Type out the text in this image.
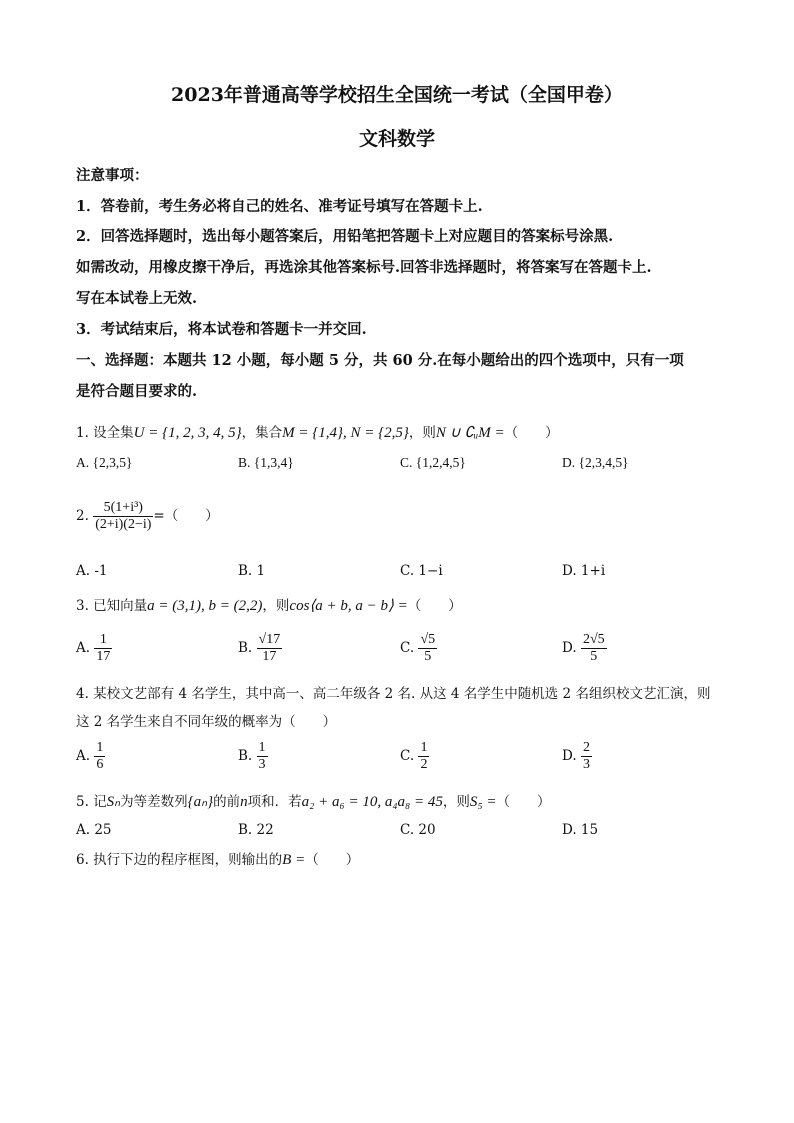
2023年普通高等学校招生全国统一考试（全国甲卷）
文科数学
注意事项：
1．答卷前，考生务必将自己的姓名、准考证号填写在答题卡上.
2．回答选择题时，选出每小题答案后，用铅笔把答题卡上对应题目的答案标号涂黑.
如需改动，用橡皮擦干净后，再选涂其他答案标号.回答非选择题时，将答案写在答题卡上.
写在本试卷上无效.
3．考试结束后，将本试卷和答题卡一并交回.
一、选择题：本题共 12 小题，每小题 5 分，共 60 分.在每小题给出的四个选项中，只有一项
是符合题目要求的.
1. 设全集U = {1, 2, 3, 4, 5}，集合M = {1,4}, N = {2,5}，则N ∪ ∁ᵤM =（　　）
A. {2,3,5}	B. {1,3,4}	C. {1,2,4,5}	D. {2,3,4,5}
2. $\frac{\text{5(1+i³)}}{(2+i)(2-i)}$ =（　　）
A. -1	B. 1	C. 1−i	D. 1+i
3. 已知向量a = (3,1), b = (2,2)，则cos⟨a + b, a − b⟩ =（　　）
A. $\frac{1}{17}$	B. $\frac{√17}{17}$	C. $\frac{√5}{5}$	D. $\frac{2√5}{5}$
4. 某校文艺部有 4 名学生，其中高一、高二年级各 2 名. 从这 4 名学生中随机选 2 名组织校文艺汇演，则
这 2 名学生来自不同年级的概率为（　　）
A. $\frac{1}{6}$	B. $\frac{1}{3}$	C. $\frac{1}{2}$	D. $\frac{2}{3}$
5. 记Sₙ为等差数列{aₙ}的前n项和．若a₂ + a₆ = 10, a₄a₈ = 45，则S₅ =（　　）
A. 25	B. 22	C. 20	D. 15
6. 执行下边的程序框图，则输出的B =（　　）
